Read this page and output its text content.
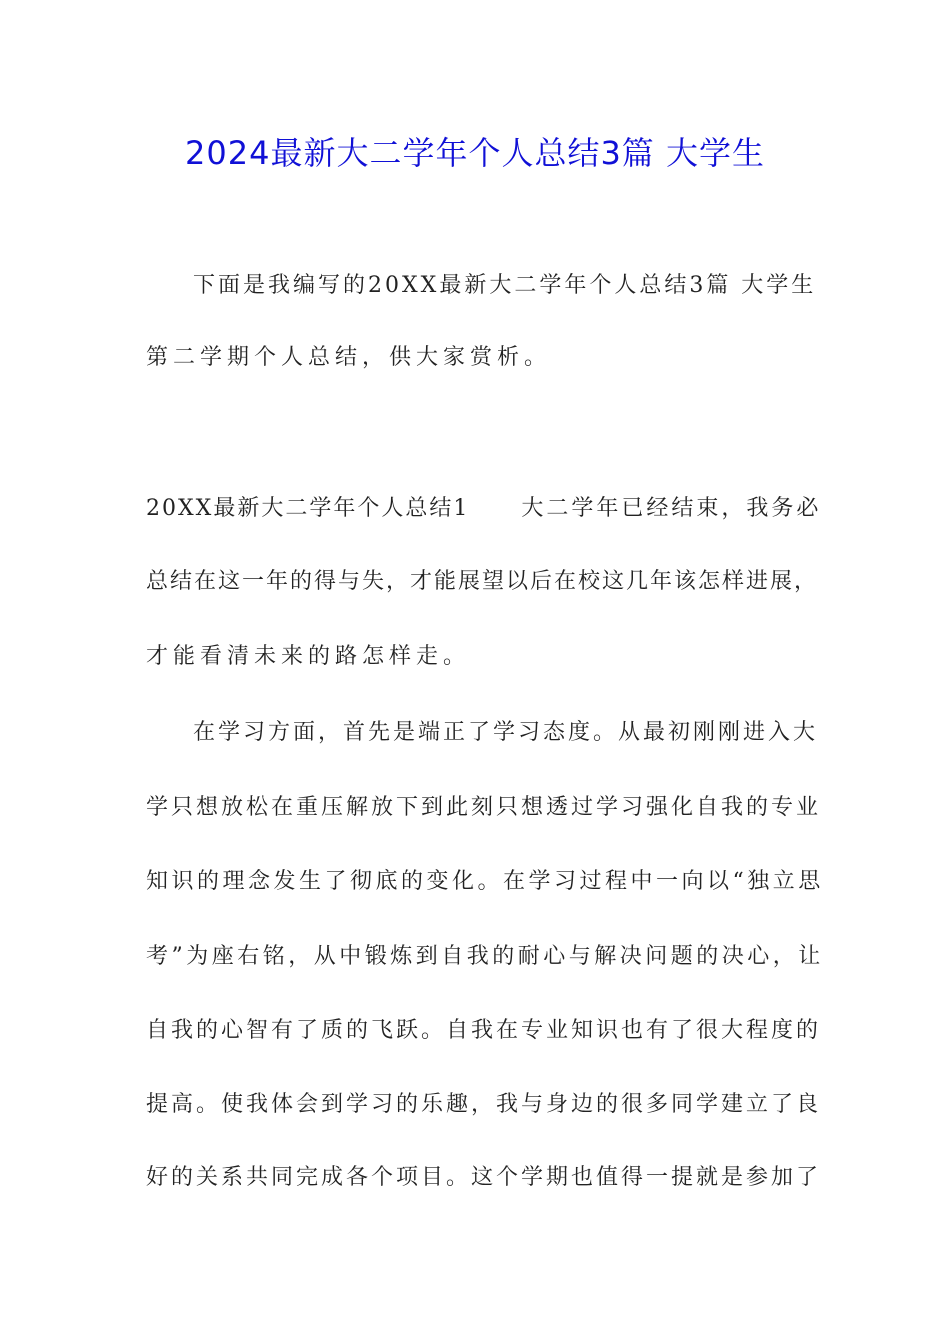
2024最新大二学年个人总结3篇 大学生
下面是我编写的20XX最新大二学年个人总结3篇 大学生
第二学期个人总结，供大家赏析。
20XX最新大二学年个人总结1 大二学年已经结束，我务必
总结在这一年的得与失，才能展望以后在校这几年该怎样进展，
才能看清未来的路怎样走。
在学习方面，首先是端正了学习态度。从最初刚刚进入大
学只想放松在重压解放下到此刻只想透过学习强化自我的专业
知识的理念发生了彻底的变化。在学习过程中一向以“独立思
考”为座右铭，从中锻炼到自我的耐心与解决问题的决心，让
自我的心智有了质的飞跃。自我在专业知识也有了很大程度的
提高。使我体会到学习的乐趣，我与身边的很多同学建立了良
好的关系共同完成各个项目。这个学期也值得一提就是参加了
